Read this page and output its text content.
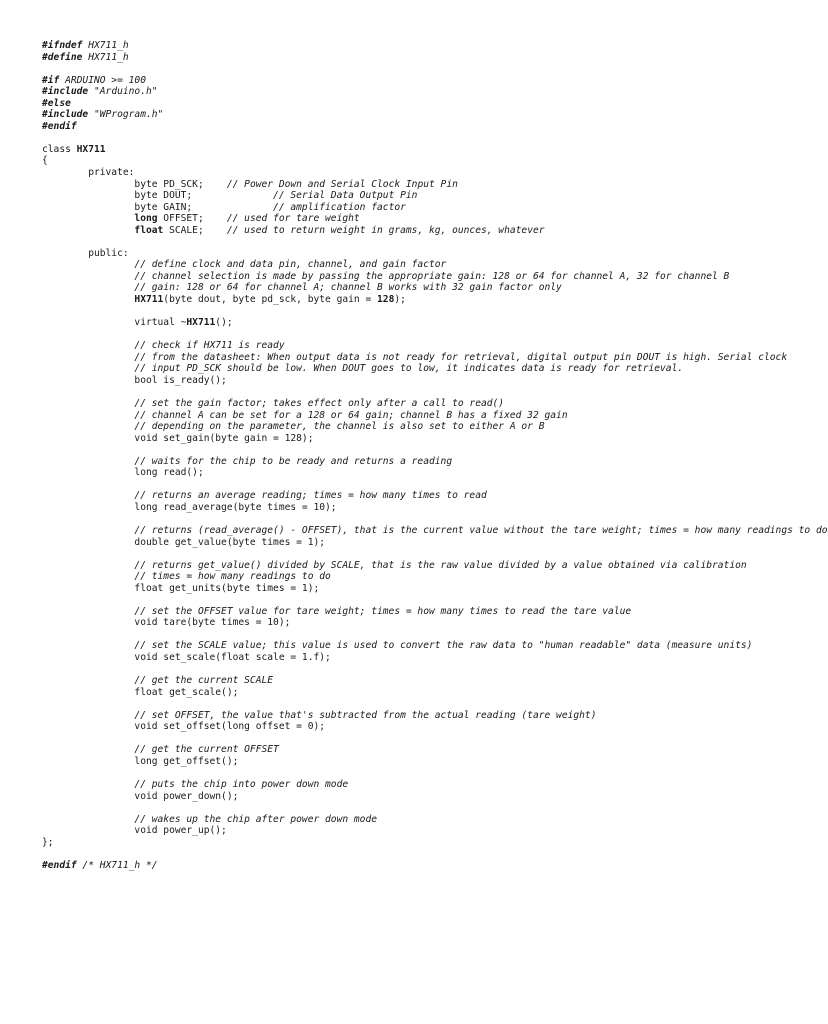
#ifndef HX711_h
#define HX711_h

#if ARDUINO >= 100
#include "Arduino.h"
#else
#include "WProgram.h"
#endif

class HX711
{
private:
byte PD_SCK;    // Power Down and Serial Clock Input Pin
byte DOUT;              // Serial Data Output Pin
byte GAIN;              // amplification factor
long OFFSET;    // used for tare weight
float SCALE;    // used to return weight in grams, kg, ounces, whatever

public:
// define clock and data pin, channel, and gain factor
// channel selection is made by passing the appropriate gain: 128 or 64 for channel A, 32 for channel B
// gain: 128 or 64 for channel A; channel B works with 32 gain factor only
HX711(byte dout, byte pd_sck, byte gain = 128);

virtual ~HX711();

// check if HX711 is ready
// from the datasheet: When output data is not ready for retrieval, digital output pin DOUT is high. Serial clock
// input PD_SCK should be low. When DOUT goes to low, it indicates data is ready for retrieval.
bool is_ready();

// set the gain factor; takes effect only after a call to read()
// channel A can be set for a 128 or 64 gain; channel B has a fixed 32 gain
// depending on the parameter, the channel is also set to either A or B
void set_gain(byte gain = 128);

// waits for the chip to be ready and returns a reading
long read();

// returns an average reading; times = how many times to read
long read_average(byte times = 10);

// returns (read_average() - OFFSET), that is the current value without the tare weight; times = how many readings to do
double get_value(byte times = 1);

// returns get_value() divided by SCALE, that is the raw value divided by a value obtained via calibration
// times = how many readings to do
float get_units(byte times = 1);

// set the OFFSET value for tare weight; times = how many times to read the tare value
void tare(byte times = 10);

// set the SCALE value; this value is used to convert the raw data to "human readable" data (measure units)
void set_scale(float scale = 1.f);

// get the current SCALE
float get_scale();

// set OFFSET, the value that's subtracted from the actual reading (tare weight)
void set_offset(long offset = 0);

// get the current OFFSET
long get_offset();

// puts the chip into power down mode
void power_down();

// wakes up the chip after power down mode
void power_up();
};

#endif /* HX711_h */
